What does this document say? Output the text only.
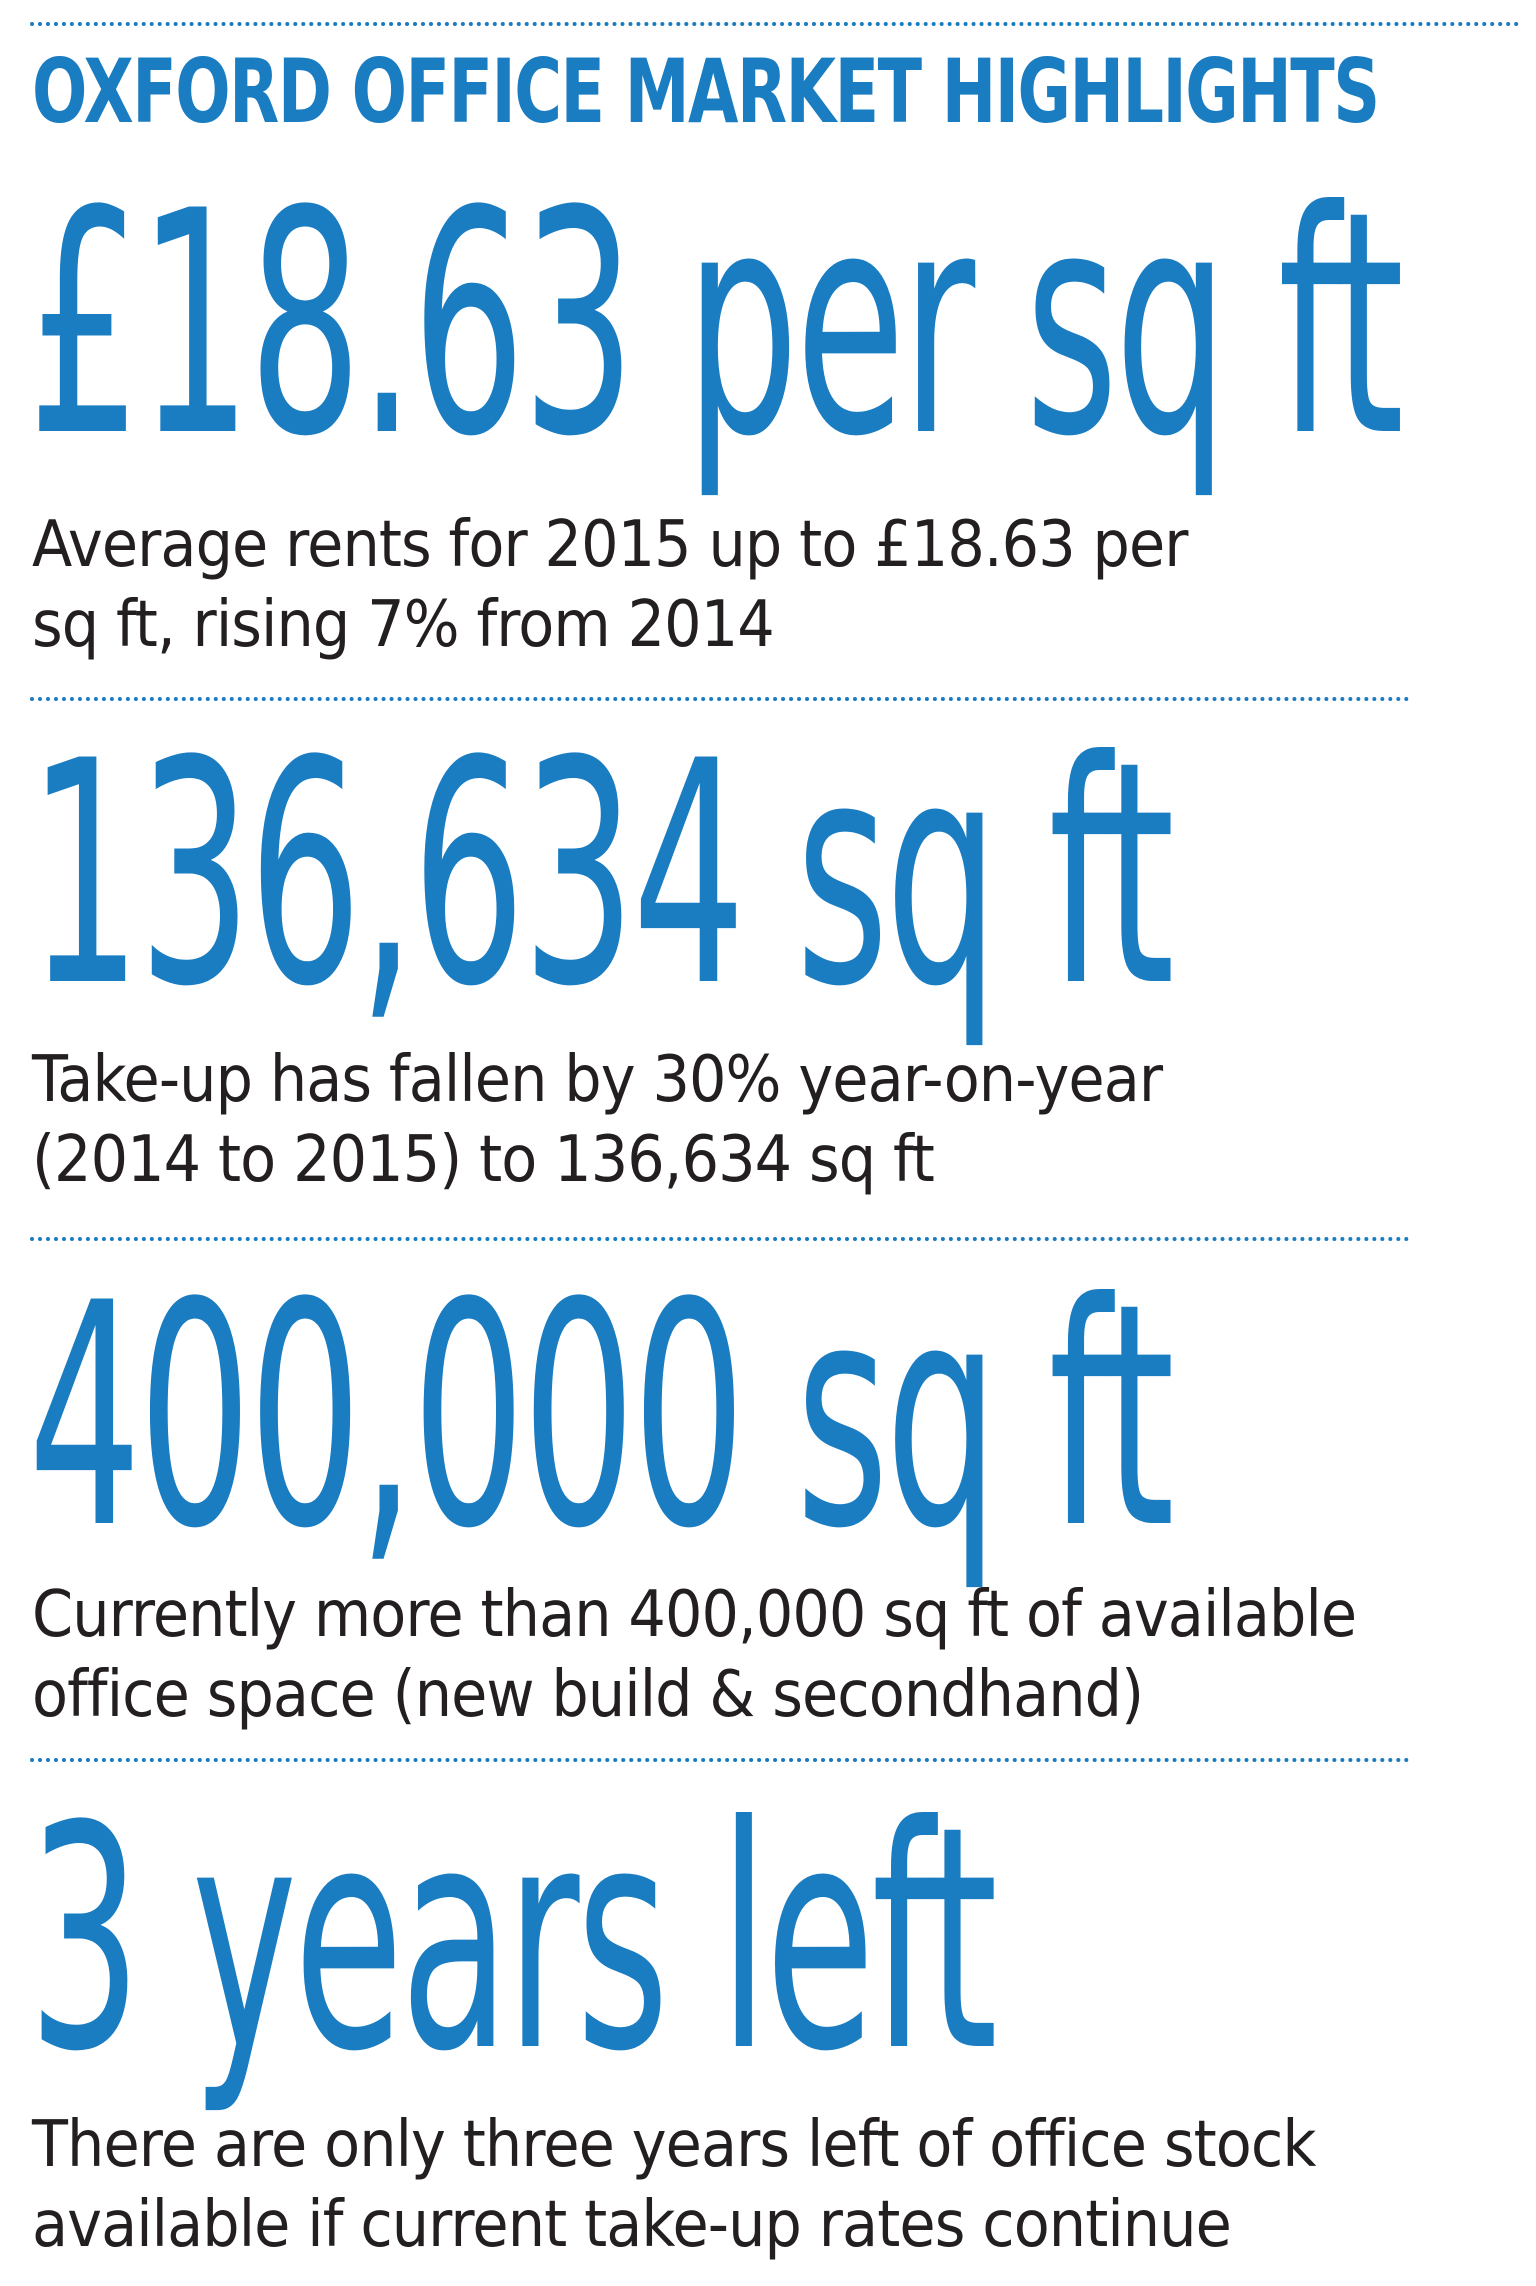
OXFORD OFFICE MARKET HIGHLIGHTS
£18.63 per sq ft

Average rents for 2015 up to £18.63 per
sq ft, rising 7% from 2014

136,634 sq ft

Take-up has fallen by 30% year-on-year
(2014 to 2015) to 136,634 sq ft

400,000 sq ft

Currently more than 400,000 sq ft of available
office space (new build & secondhand)

3 years left

There are only three years left of office stock
available if current take-up rates continue
